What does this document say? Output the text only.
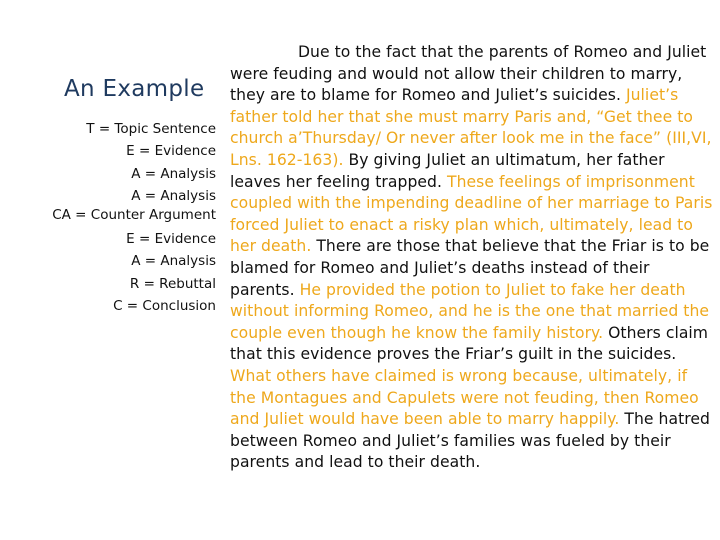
An Example
T = Topic Sentence
E = Evidence
A = Analysis
A = Analysis
CA = Counter Argument
E = Evidence
A = Analysis
R = Rebuttal
C = Conclusion
Due to the fact that the parents of Romeo and Juliet were feuding and would not allow their children to marry, they are to blame for Romeo and Juliet’s suicides. Juliet’s father told her that she must marry Paris and, “Get thee to church a’Thursday/ Or never after look me in the face” (III,VI, Lns. 162-163). By giving Juliet an ultimatum, her father leaves her feeling trapped. These feelings of imprisonment coupled with the impending deadline of her marriage to Paris forced Juliet to enact a risky plan which, ultimately, lead to her death. There are those that believe that the Friar is to be blamed for Romeo and Juliet’s deaths instead of their parents. He provided the potion to Juliet to fake her death without informing Romeo, and he is the one that married the couple even though he know the family history. Others claim that this evidence proves the Friar’s guilt in the suicides. What others have claimed is wrong because, ultimately, if the Montagues and Capulets were not feuding, then Romeo and Juliet would have been able to marry happily. The hatred between Romeo and Juliet’s families was fueled by their parents and lead to their death.
